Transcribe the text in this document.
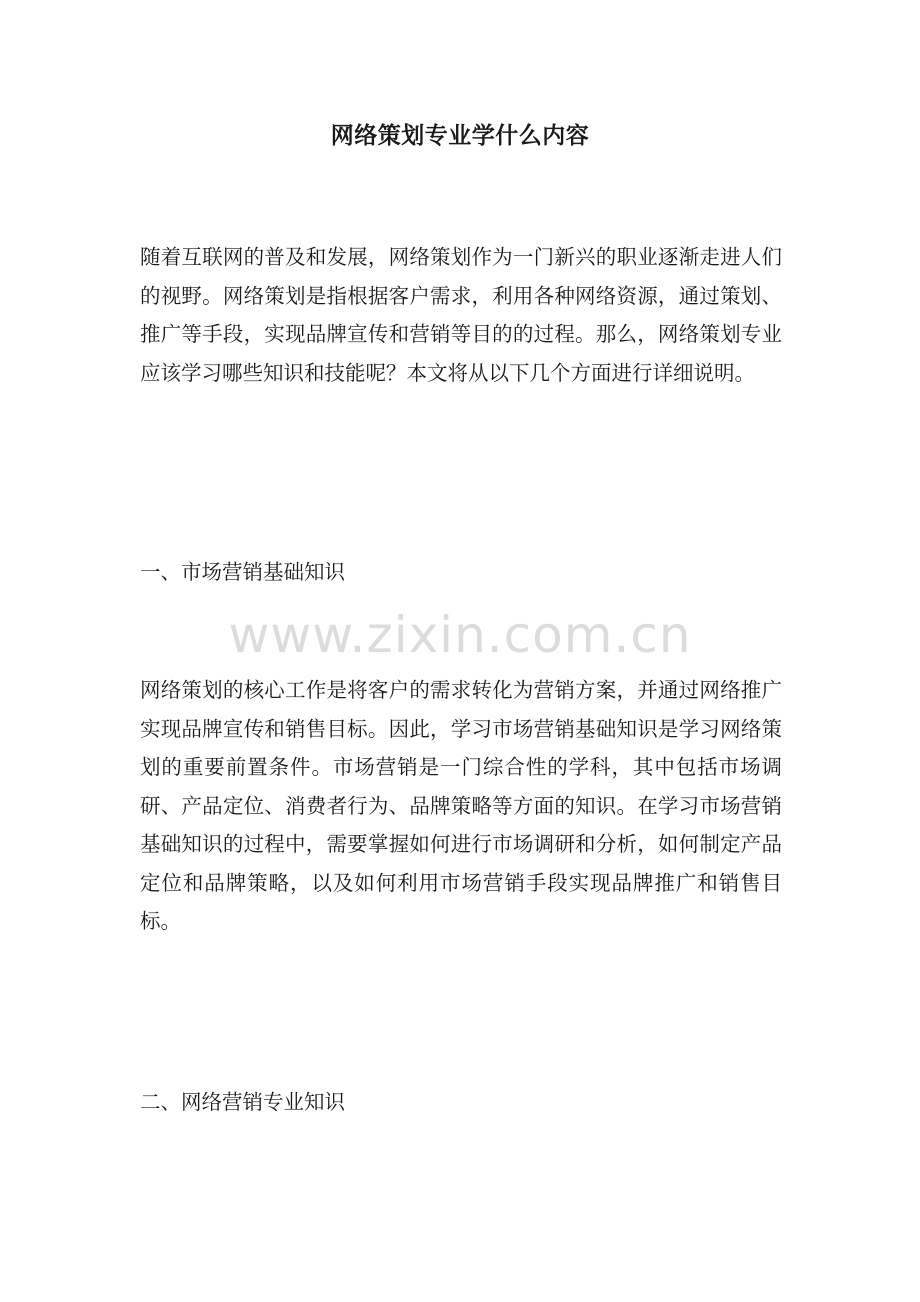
网络策划专业学什么内容

随着互联网的普及和发展，网络策划作为一门新兴的职业逐渐走进人们的视野。网络策划是指根据客户需求，利用各种网络资源，通过策划、推广等手段，实现品牌宣传和营销等目的的过程。那么，网络策划专业应该学习哪些知识和技能呢？本文将从以下几个方面进行详细说明。

一、市场营销基础知识

www.zixin.com.cn

网络策划的核心工作是将客户的需求转化为营销方案，并通过网络推广实现品牌宣传和销售目标。因此，学习市场营销基础知识是学习网络策划的重要前置条件。市场营销是一门综合性的学科，其中包括市场调研、产品定位、消费者行为、品牌策略等方面的知识。在学习市场营销基础知识的过程中，需要掌握如何进行市场调研和分析，如何制定产品定位和品牌策略，以及如何利用市场营销手段实现品牌推广和销售目标。

二、网络营销专业知识
